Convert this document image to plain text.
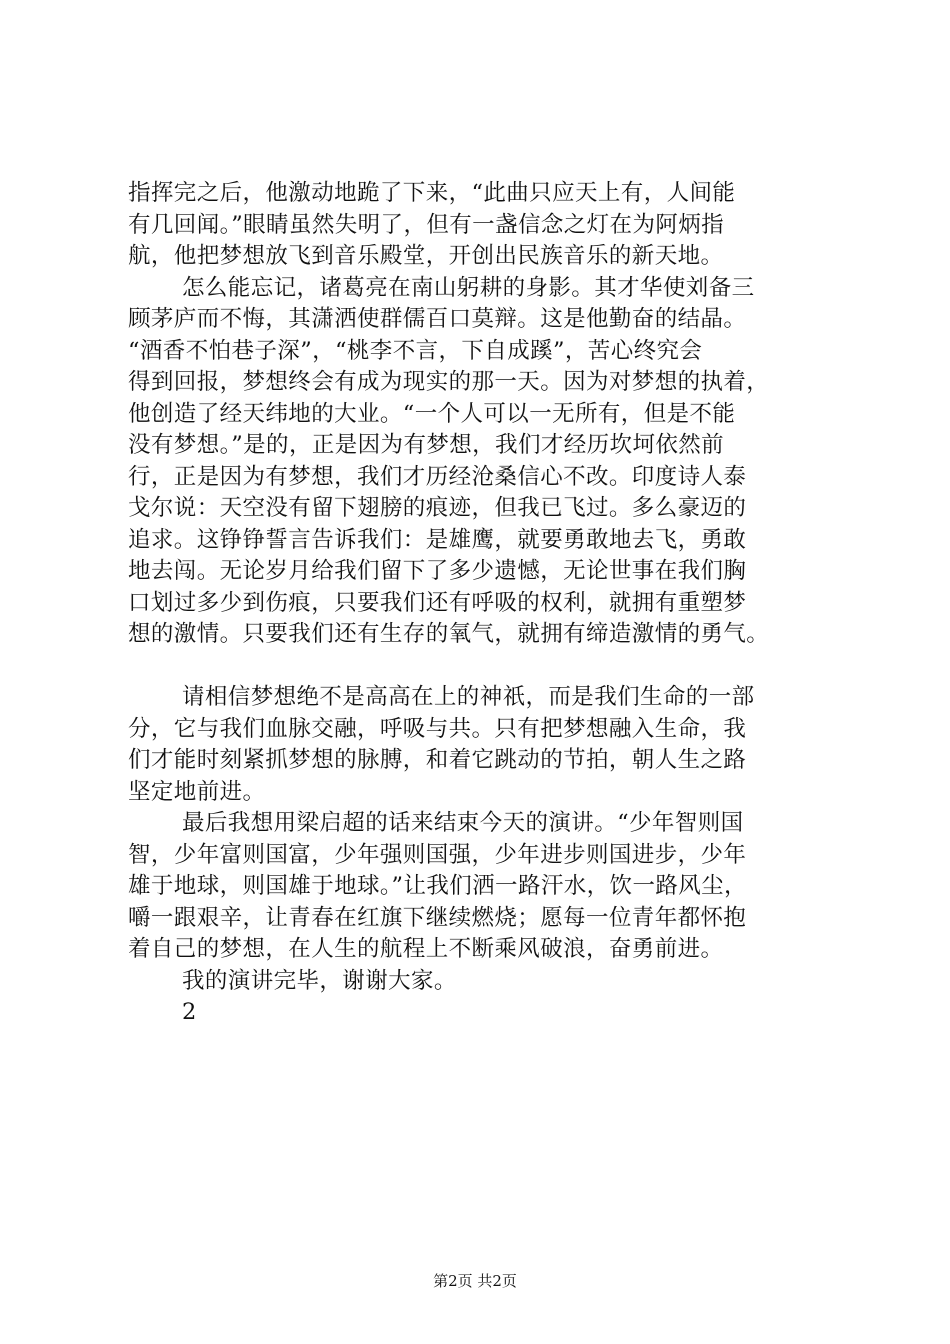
指挥完之后，他激动地跪了下来，“此曲只应天上有，人间能
有几回闻。”眼睛虽然失明了，但有一盏信念之灯在为阿炳指
航，他把梦想放飞到音乐殿堂，开创出民族音乐的新天地。
怎么能忘记，诸葛亮在南山躬耕的身影。其才华使刘备三
顾茅庐而不悔，其潇洒使群儒百口莫辩。这是他勤奋的结晶。
“酒香不怕巷子深”，“桃李不言，下自成蹊”，苦心终究会
得到回报，梦想终会有成为现实的那一天。因为对梦想的执着，
他创造了经天纬地的大业。“一个人可以一无所有，但是不能
没有梦想。”是的，正是因为有梦想，我们才经历坎坷依然前
行，正是因为有梦想，我们才历经沧桑信心不改。印度诗人泰
戈尔说：天空没有留下翅膀的痕迹，但我已飞过。多么豪迈的
追求。这铮铮誓言告诉我们：是雄鹰，就要勇敢地去飞，勇敢
地去闯。无论岁月给我们留下了多少遗憾，无论世事在我们胸
口划过多少到伤痕，只要我们还有呼吸的权利，就拥有重塑梦
想的激情。只要我们还有生存的氧气，就拥有缔造激情的勇气。
请相信梦想绝不是高高在上的神祇，而是我们生命的一部
分，它与我们血脉交融，呼吸与共。只有把梦想融入生命，我
们才能时刻紧抓梦想的脉膊，和着它跳动的节拍，朝人生之路
坚定地前进。
最后我想用梁启超的话来结束今天的演讲。“少年智则国
智，少年富则国富，少年强则国强，少年进步则国进步，少年
雄于地球，则国雄于地球。”让我们洒一路汗水，饮一路风尘，
嚼一跟艰辛，让青春在红旗下继续燃烧；愿每一位青年都怀抱
着自己的梦想，在人生的航程上不断乘风破浪，奋勇前进。
我的演讲完毕，谢谢大家。
2
第2页 共2页
